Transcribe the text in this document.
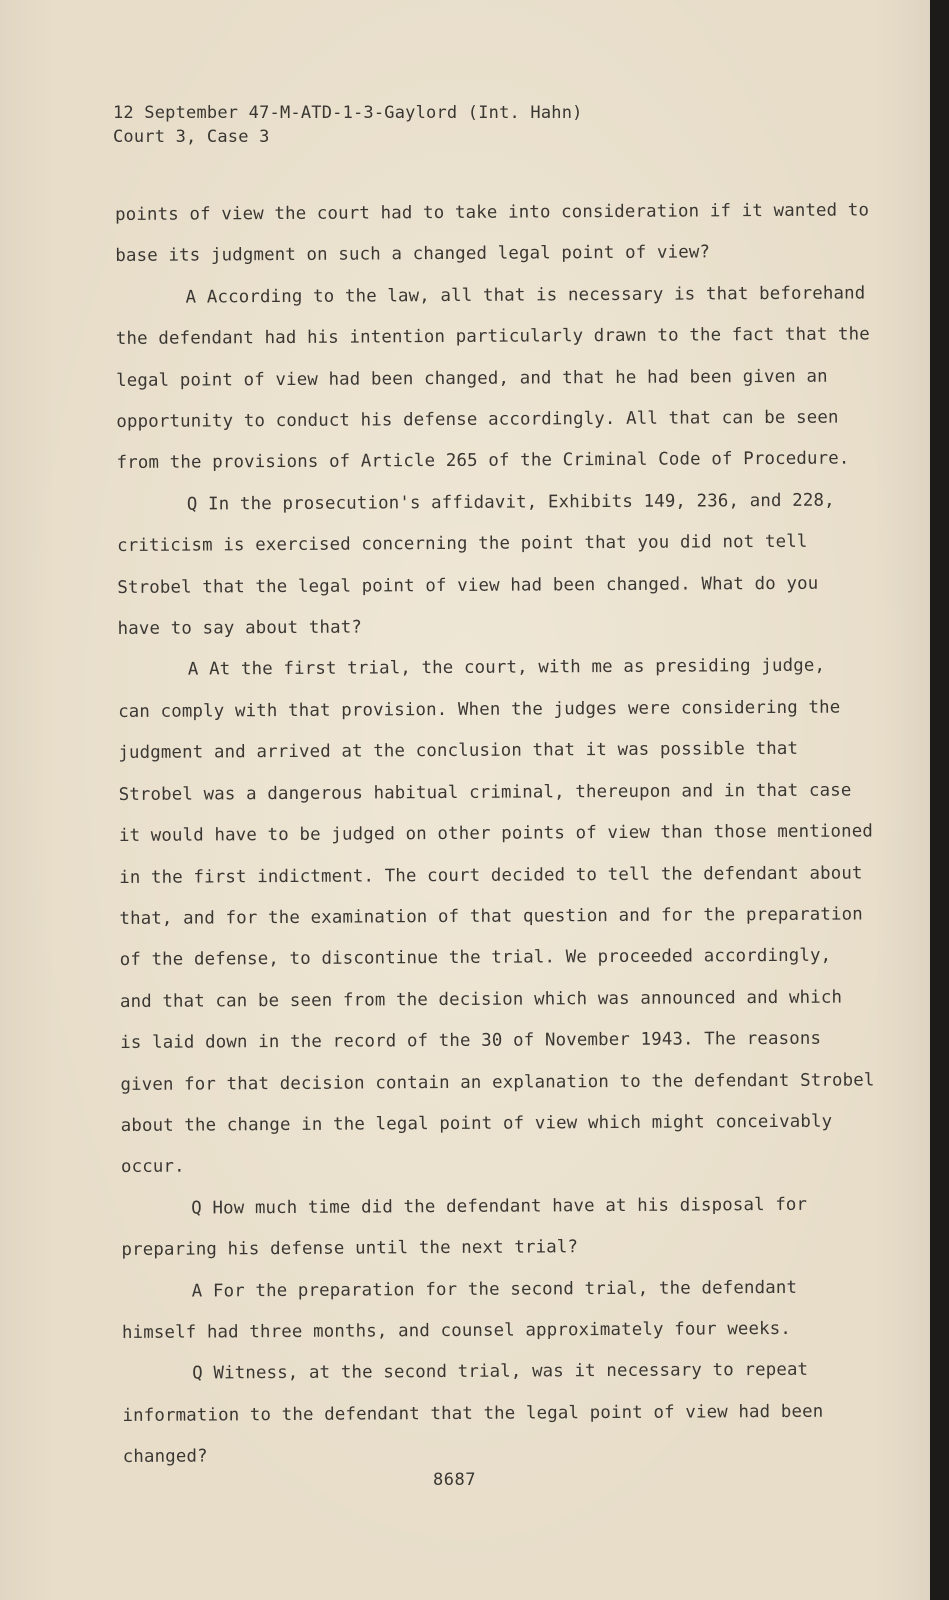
12 September 47-M-ATD-1-3-Gaylord (Int. Hahn)
Court 3, Case 3
points of view the court had to take into consideration if it wanted to
base its judgment on such a changed legal point of view?
A According to the law, all that is necessary is that beforehand
the defendant had his intention particularly drawn to the fact that the
legal point of view had been changed, and that he had been given an
opportunity to conduct his defense accordingly. All that can be seen
from the provisions of Article 265 of the Criminal Code of Procedure.
Q In the prosecution's affidavit, Exhibits 149, 236, and 228,
criticism is exercised concerning the point that you did not tell
Strobel that the legal point of view had been changed. What do you
have to say about that?
A At the first trial, the court, with me as presiding judge,
can comply with that provision. When the judges were considering the
judgment and arrived at the conclusion that it was possible that
Strobel was a dangerous habitual criminal, thereupon and in that case
it would have to be judged on other points of view than those mentioned
in the first indictment. The court decided to tell the defendant about
that, and for the examination of that question and for the preparation
of the defense, to discontinue the trial. We proceeded accordingly,
and that can be seen from the decision which was announced and which
is laid down in the record of the 30 of November 1943. The reasons
given for that decision contain an explanation to the defendant Strobel
about the change in the legal point of view which might conceivably
occur.
Q How much time did the defendant have at his disposal for
preparing his defense until the next trial?
A For the preparation for the second trial, the defendant
himself had three months, and counsel approximately four weeks.
Q Witness, at the second trial, was it necessary to repeat
information to the defendant that the legal point of view had been
changed?
8687
